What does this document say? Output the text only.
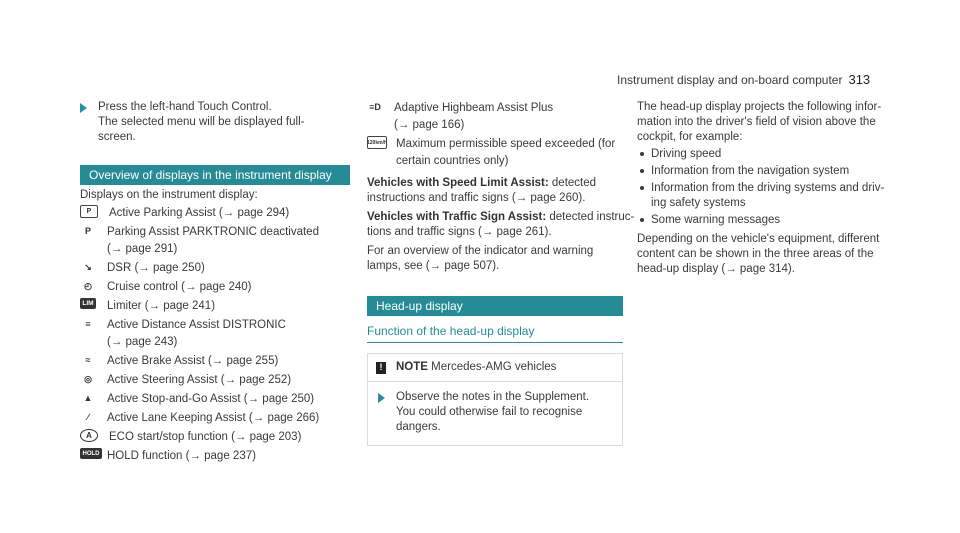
Instrument display and on-board computer 313
Press the left-hand Touch Control.
The selected menu will be displayed full-
screen.
Overview of displays in the instrument display
Displays on the instrument display:
P	Active Parking Assist (→ page 294)
P	Parking Assist PARKTRONIC deactivated
(→ page 291)
↘	DSR (→ page 250)
◴	Cruise control (→ page 240)
LIM Limiter (→ page 241)
≡	Active Distance Assist DISTRONIC
(→ page 243)
≈	Active Brake Assist (→ page 255)
◎	Active Steering Assist (→ page 252)
▲	Active Stop-and-Go Assist (→ page 250)
∕	Active Lane Keeping Assist (→ page 266)
A	ECO start/stop function (→ page 203)
HOLD HOLD function (→ page 237)
≡D Adaptive Highbeam Assist Plus
(→ page 166)
120km/h Maximum permissible speed exceeded (for
certain countries only)
Vehicles with Speed Limit Assist: detected
instructions and traffic signs (→ page 260).
Vehicles with Traffic Sign Assist: detected instruc-
tions and traffic signs (→ page 261).
For an overview of the indicator and warning
lamps, see (→ page 507).
Head-up display
Function of the head-up display
!	NOTE
Mercedes-AMG vehicles
Observe the notes in the Supplement.
You could otherwise fail to recognise
dangers.
The head-up display projects the following infor-
mation into the driver's field of vision above the
cockpit, for example:
Driving speed
Information from the navigation system
Information from the driving systems and driv-
ing safety systems
Some warning messages
Depending on the vehicle's equipment, different
content can be shown in the three areas of the
head-up display (→ page 314).
